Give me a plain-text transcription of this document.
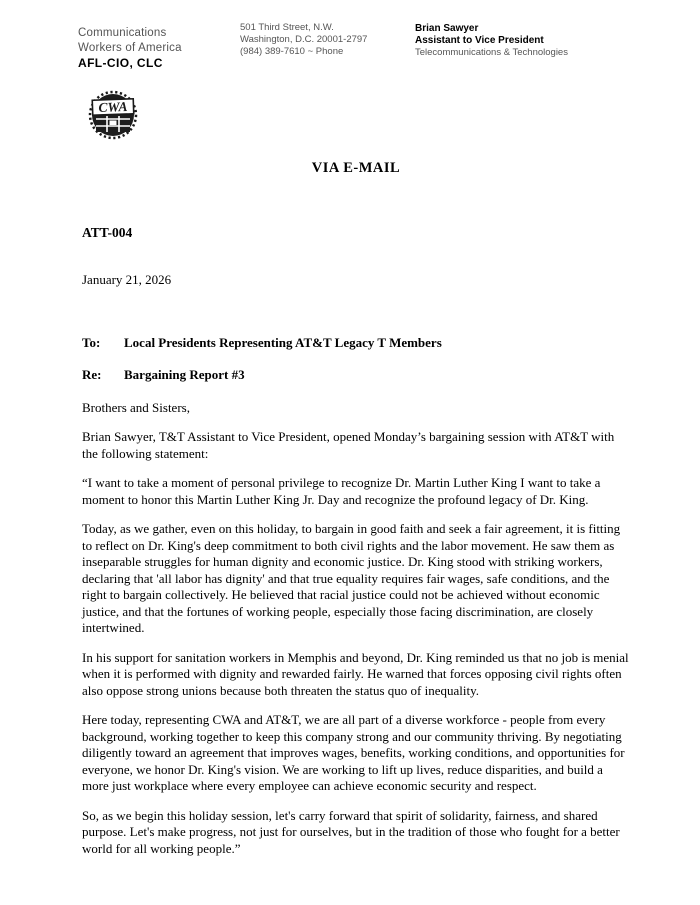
Communications
Workers of America
AFL-CIO, CLC
501 Third Street, N.W.
Washington, D.C. 20001-2797
(984) 389-7610 ~ Phone
Brian Sawyer
Assistant to Vice President
Telecommunications & Technologies
CWA
VIA E-MAIL
ATT-004
January 21, 2026
To:	Local Presidents Representing AT&T Legacy T Members
Re:	Bargaining Report #3
Brothers and Sisters,

Brian Sawyer, T&T Assistant to Vice President, opened Monday’s bargaining session with AT&T with the following statement:

“I want to take a moment of personal privilege to recognize Dr. Martin Luther King I want to take a moment to honor this Martin Luther King Jr. Day and recognize the profound legacy of Dr. King.

Today, as we gather, even on this holiday, to bargain in good faith and seek a fair agreement, it is fitting to reflect on Dr. King's deep commitment to both civil rights and the labor movement. He saw them as inseparable struggles for human dignity and economic justice. Dr. King stood with striking workers, declaring that 'all labor has dignity' and that true equality requires fair wages, safe conditions, and the right to bargain collectively. He believed that racial justice could not be achieved without economic justice, and that the fortunes of working people, especially those facing discrimination, are closely intertwined.

In his support for sanitation workers in Memphis and beyond, Dr. King reminded us that no job is menial when it is performed with dignity and rewarded fairly. He warned that forces opposing civil rights often also oppose strong unions because both threaten the status quo of inequality.

Here today, representing CWA and AT&T, we are all part of a diverse workforce - people from every background, working together to keep this company strong and our community thriving. By negotiating diligently toward an agreement that improves wages, benefits, working conditions, and opportunities for everyone, we honor Dr. King's vision. We are working to lift up lives, reduce disparities, and build a more just workplace where every employee can achieve economic security and respect.

So, as we begin this holiday session, let's carry forward that spirit of solidarity, fairness, and shared purpose. Let's make progress, not just for ourselves, but in the tradition of those who fought for a better world for all working people.”
